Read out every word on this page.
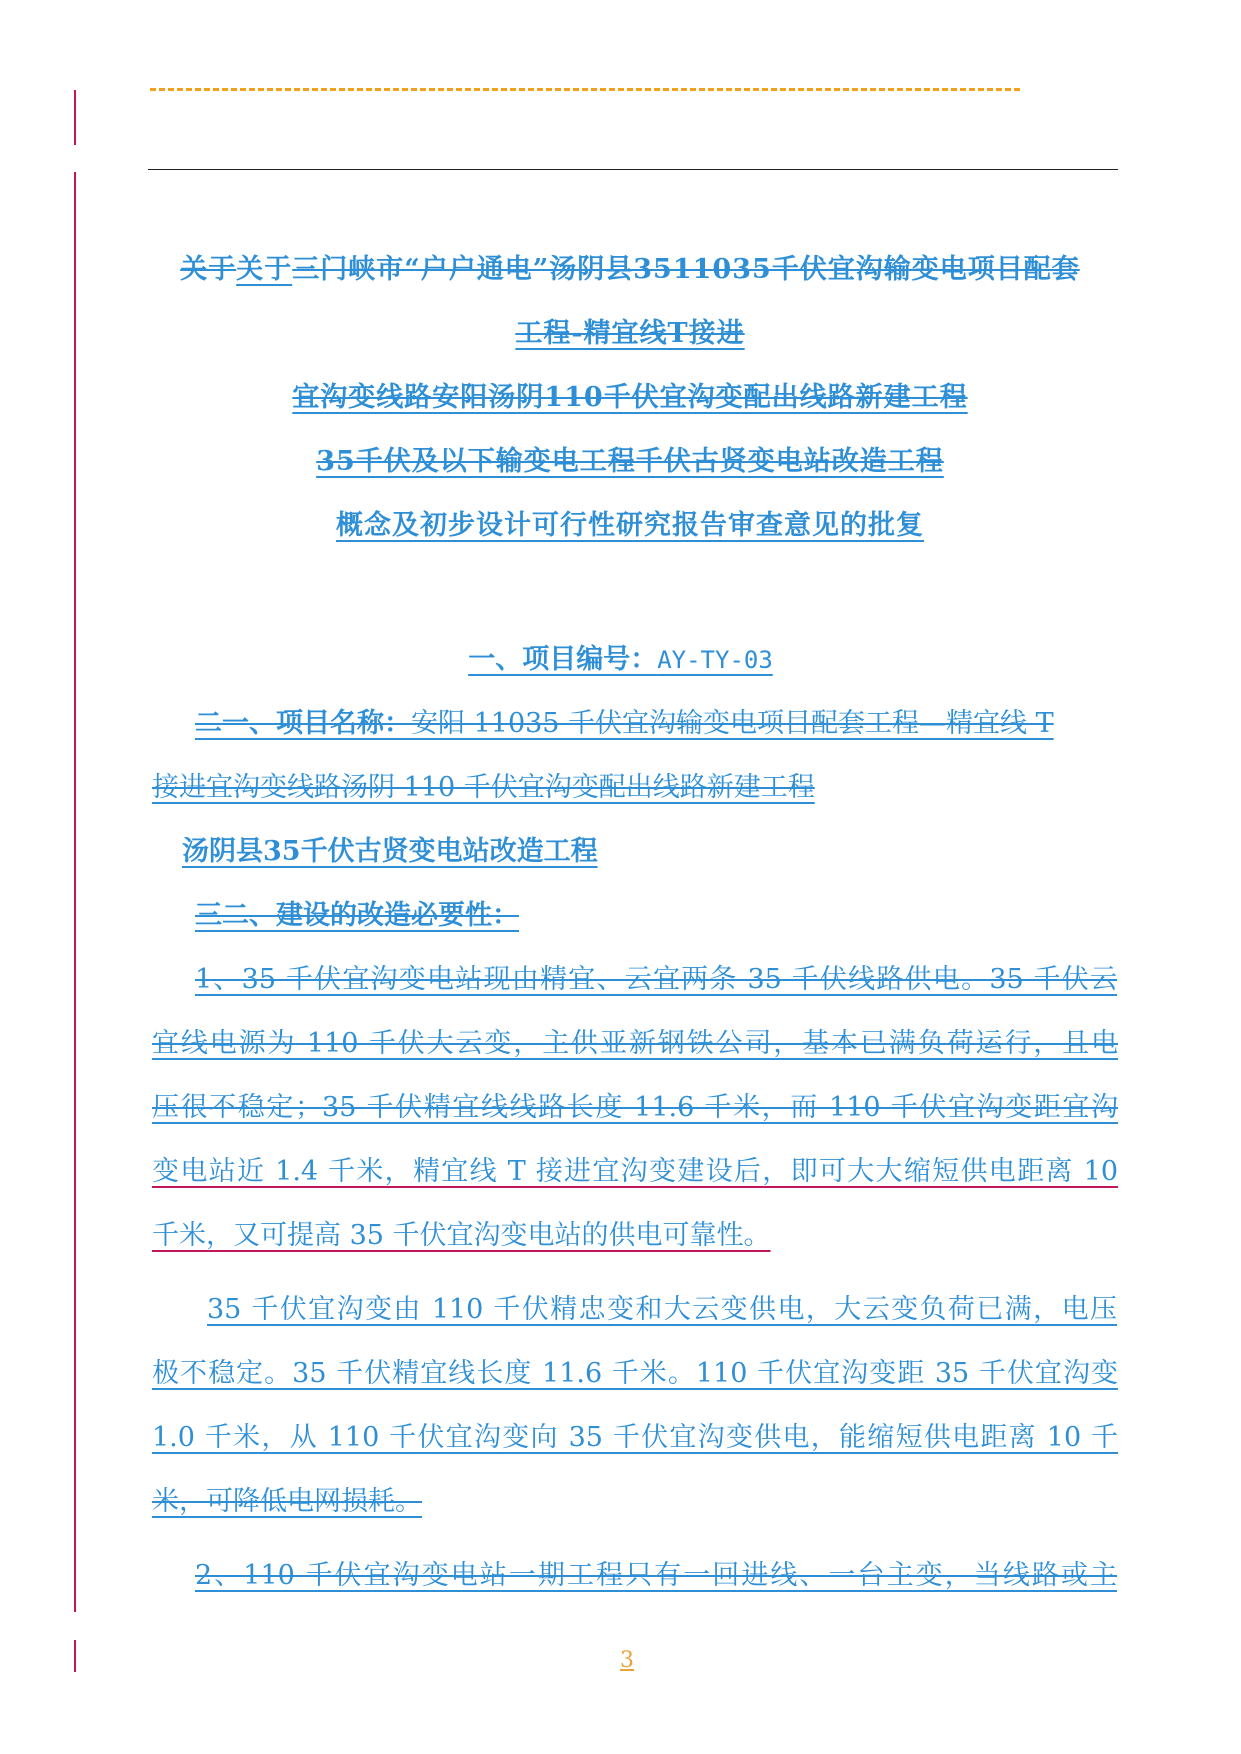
关于关于三门峡市“户户通电”汤阴县3511035千伏宜沟输变电项目配套
工程-精宜线T接进
宜沟变线路安阳汤阴110千伏宜沟变配出线路新建工程
35千伏及以下输变电工程千伏古贤变电站改造工程
概念及初步设计可行性研究报告审查意见的批复
一、项目编号：AY-TY-03
二一、项目名称：安阳 11035 千伏宜沟输变电项目配套工程—精宜线 T
接进宜沟变线路汤阴 110 千伏宜沟变配出线路新建工程
汤阴县35千伏古贤变电站改造工程
三二、建设的改造必要性：
1、35 千伏宜沟变电站现由精宜、云宜两条 35 千伏线路供电。35 千伏云
宜线电源为 110 千伏大云变，主供亚新钢铁公司，基本已满负荷运行，且电
压很不稳定；35 千伏精宜线线路长度 11.6 千米，而 110 千伏宜沟变距宜沟
变电站近 1.4 千米，精宜线 T 接进宜沟变建设后，即可大大缩短供电距离 10
千米，又可提高 35 千伏宜沟变电站的供电可靠性。
35 千伏宜沟变由 110 千伏精忠变和大云变供电，大云变负荷已满，电压
极不稳定。35 千伏精宜线长度 11.6 千米。110 千伏宜沟变距 35 千伏宜沟变
1.0 千米，从 110 千伏宜沟变向 35 千伏宜沟变供电，能缩短供电距离 10 千
米，可降低电网损耗。
2、110 千伏宜沟变电站一期工程只有一回进线、一台主变，当线路或主
3
